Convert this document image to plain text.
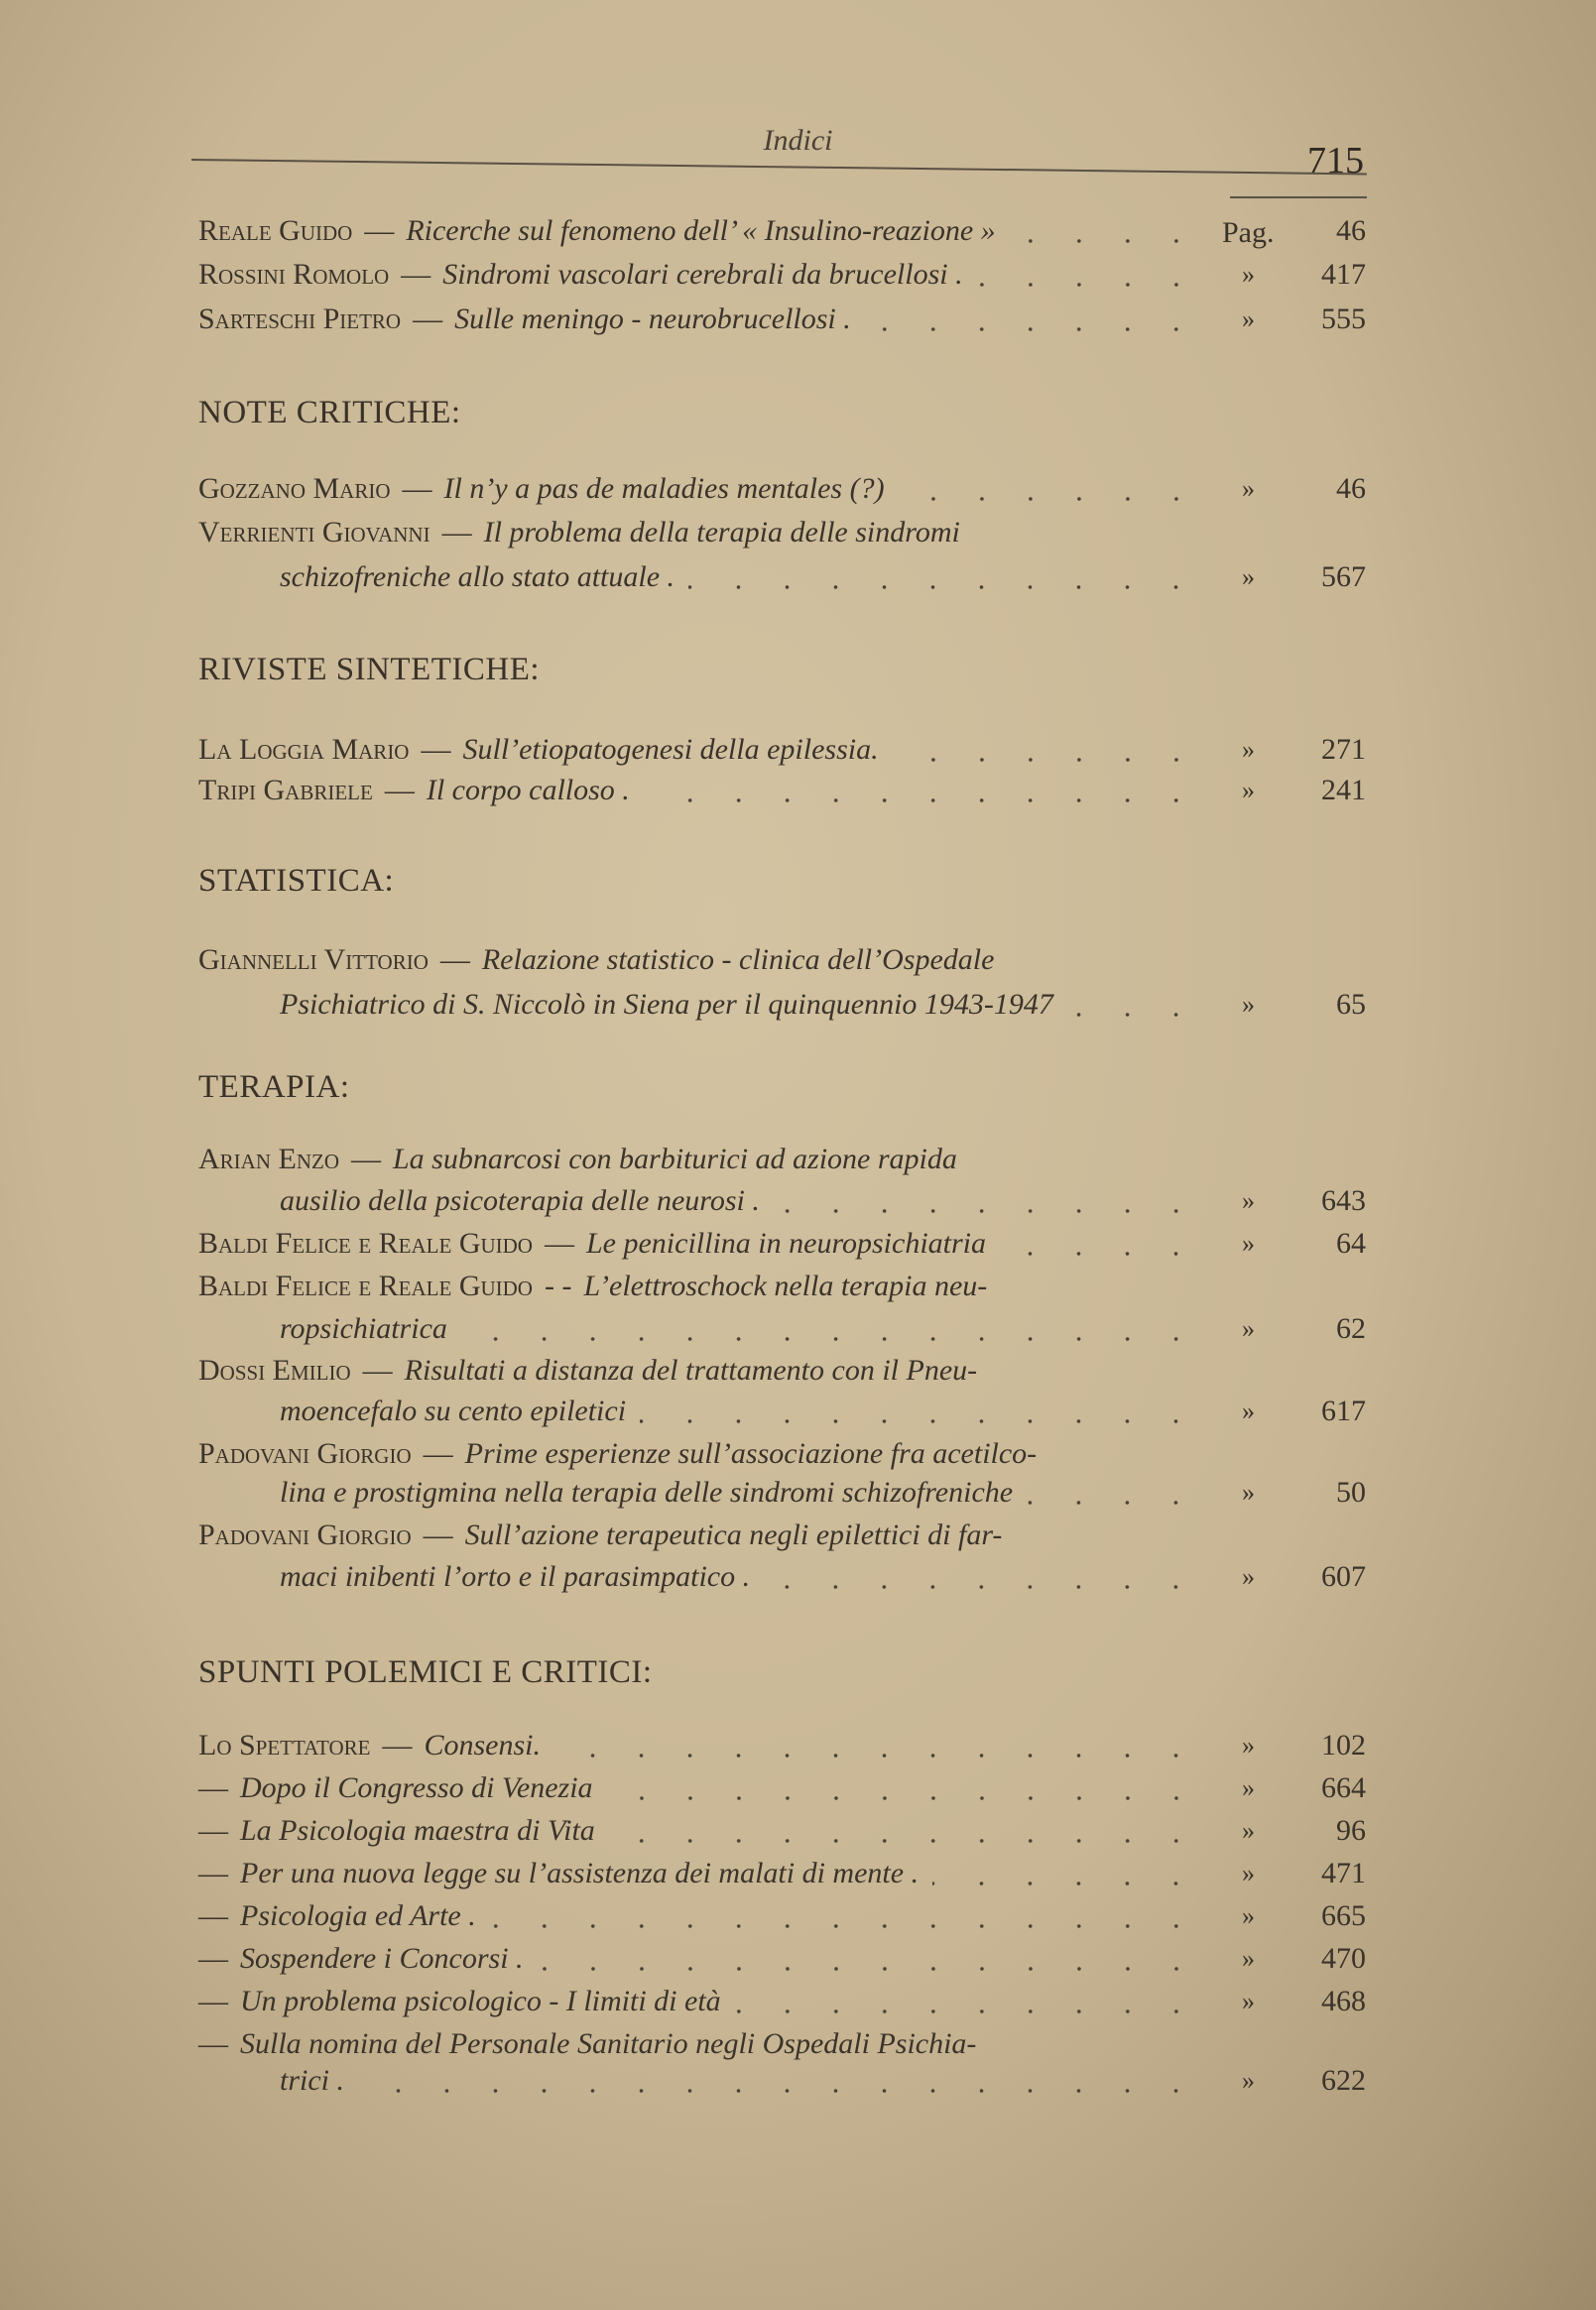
Indici	715
Reale Guido — Ricerche sul fenomeno dell’ « Insulino-reazione »	Pag. 46
Rossini Romolo — Sindromi vascolari cerebrali da brucellosi .	» 417
Sarteschi Pietro — Sulle meningo - neurobrucellosi .	» 555
NOTE CRITICHE:
Gozzano Mario — Il n’y a pas de maladies mentales (?)	»	46
Verrienti Giovanni — Il problema della terapia delle sindromi
schizofreniche allo stato attuale .	» 567
RIVISTE SINTETICHE:
La Loggia Mario — Sull’etiopatogenesi della epilessia.	» 271
Tripi Gabriele — Il corpo calloso .	» 241
STATISTICA:
Giannelli Vittorio — Relazione statistico - clinica dell’Ospedale
Psichiatrico di S. Niccolò in Siena per il quinquennio 1943-1947	»	65
TERAPIA:
Arian Enzo — La subnarcosi con barbiturici ad azione rapida
ausilio della psicoterapia delle neurosi .	» 643
Baldi Felice e Reale Guido — Le penicillina in neuropsichiatria	»	64
Baldi Felice e Reale Guido - - L’elettroschock nella terapia neu-
ropsichiatrica	»	62
Dossi Emilio — Risultati a distanza del trattamento con il Pneu-
moencefalo su cento epiletici	» 617
Padovani Giorgio — Prime esperienze sull’associazione fra acetilco-
lina e prostigmina nella terapia delle sindromi schizofreniche	»	50
Padovani Giorgio — Sull’azione terapeutica negli epilettici di far-
maci inibenti l’orto e il parasimpatico .	» 607
SPUNTI POLEMICI E CRITICI:
Lo Spettatore — Consensi.	» 102
— Dopo il Congresso di Venezia	» 664
— La Psicologia maestra di Vita	»	96
— Per una nuova legge su l’assistenza dei malati di mente .	» 471
— Psicologia ed Arte .	» 665
— Sospendere i Concorsi .	» 470
— Un problema psicologico - I limiti di età	» 468
— Sulla nomina del Personale Sanitario negli Ospedali Psichia-
trici .	» 622
